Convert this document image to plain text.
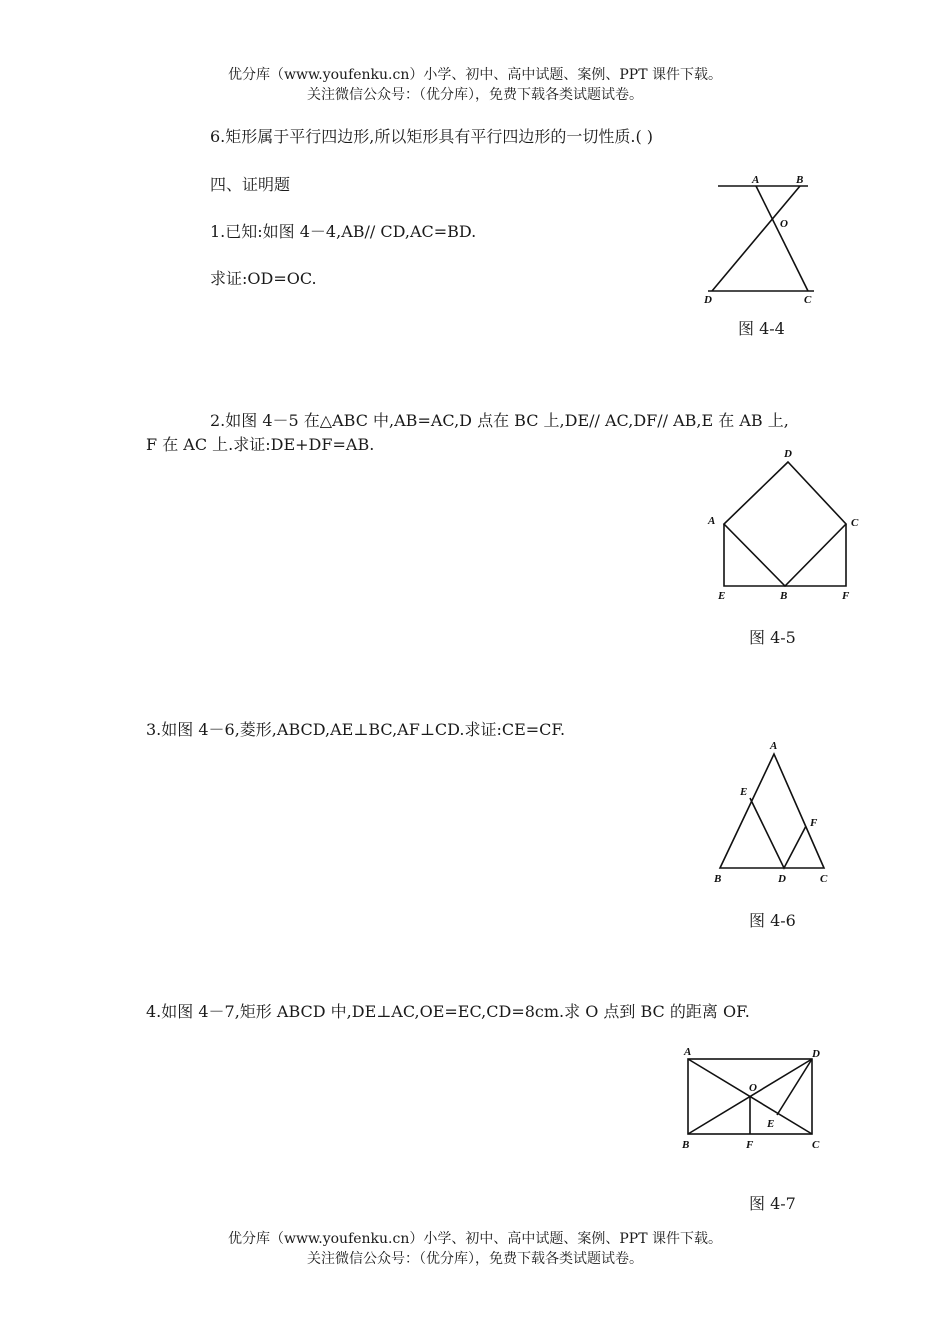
优分库（www.youfenku.cn）小学、初中、高中试题、案例、PPT 课件下载。
关注微信公众号：（优分库），免费下载各类试题试卷。
6.矩形属于平行四边形,所以矩形具有平行四边形的一切性质.( )
四、证明题
1.已知:如图 4－4,AB// CD,AC=BD.
求证:OD=OC.
A	B
O
D	C
图 4-4
2.如图 4－5 在△ABC 中,AB=AC,D 点在 BC 上,DE// AC,DF// AB,E 在 AB 上,
F 在 AC 上.求证:DE+DF=AB.	D
A	C
E	B	F
图 4-5
3.如图 4－6,菱形,ABCD,AE⊥BC,AF⊥CD.求证:CE=CF.
A
E
F
B	D	C
图 4-6
4.如图 4－7,矩形 ABCD 中,DE⊥AC,OE=EC,CD=8cm.求 O 点到 BC 的距离 OF.
A	D
O
E
B	F	C
图 4-7
优分库（www.youfenku.cn）小学、初中、高中试题、案例、PPT 课件下载。
关注微信公众号：（优分库），免费下载各类试题试卷。
